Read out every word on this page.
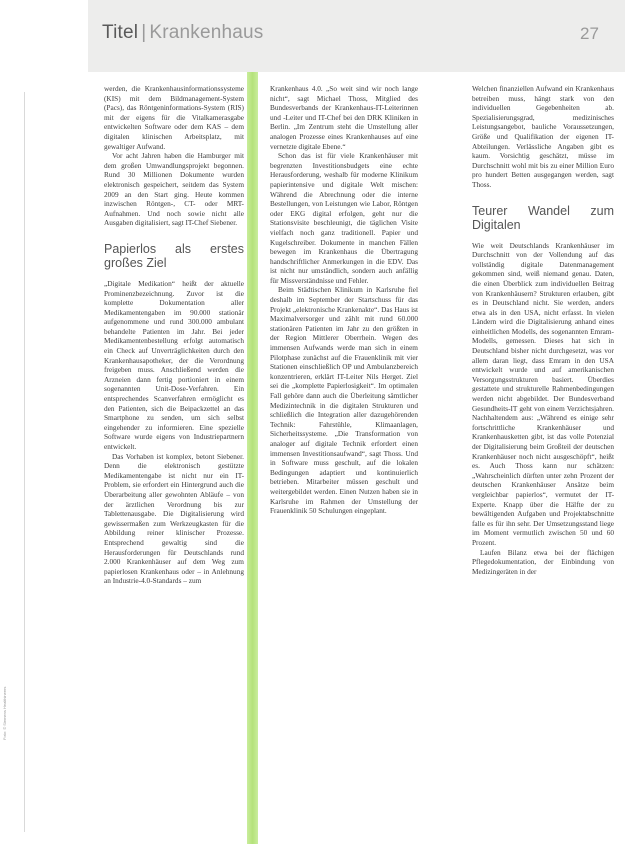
Titel | Krankenhaus	27
Foto: © Siemens Healthineers

werden, die Krankenhausinformationssysteme (KIS) mit dem Bildmanagement-System (Pacs), das Röntgeninformations-System (RIS) mit der eigens für die Vitalkamerasgabe entwickelten Software oder dem KAS – dem digitalen klinischen Arbeitsplatz, mit gewaltiger Aufwand.

Vor acht Jahren haben die Hamburger mit dem großen Umwandlungsprojekt begonnen. Rund 30 Millionen Dokumente wurden elektronisch gespeichert, seitdem das System 2009 an den Start ging. Heute kommen inzwischen Röntgen-, CT- oder MRT-Aufnahmen. Und noch sowie nicht alle Ausgaben digitalisiert, sagt IT-Chef Siebener.

Papierlos als erstes großes Ziel

„Digitale Medikation“ heißt der aktuelle Prominenzbezeichnung. Zuvor ist die komplette Dokumentation aller Medikamentengaben im 90.000 stationär aufgenommene und rund 300.000 ambulant behandelte Patienten im Jahr. Bei jeder Medikamentenbestellung erfolgt automatisch ein Check auf Unverträglichkeiten durch den Krankenhausapotheker, der die Verordnung freigeben muss. Anschließend werden die Arzneien dann fertig portioniert in einem sogenannten Unit-Dose-Verfahren. Ein entsprechendes Scanverfahren ermöglicht es den Patienten, sich die Beipackzettel an das Smartphone zu senden, um sich selbst eingehender zu informieren. Eine spezielle Software wurde eigens von Industriepartnern entwickelt.

Das Vorhaben ist komplex, betont Siebener. Denn die elektronisch gestützte Medikamentengabe ist nicht nur ein IT-Problem, sie erfordert ein Hintergrund auch die Überarbeitung aller gewohnten Abläufe – von der ärztlichen Verordnung bis zur Tablettenausgabe. Die Digitalisierung wird gewissermaßen zum Werkzeugkasten für die Abbildung reiner klinischer Prozesse. Entsprechend gewaltig sind die Herausforderungen für Deutschlands rund 2.000 Krankenhäuser auf dem Weg zum papierlosen Krankenhaus oder – in Anlehnung an Industrie-4.0-Standards – zum

Krankenhaus 4.0. „So weit sind wir noch lange nicht“, sagt Michael Thoss, Mitglied des Bundesverbands der Krankenhaus-IT-Leiterinnen und -Leiter und IT-Chef bei den DRK Kliniken in Berlin. „Im Zentrum steht die Umstellung aller analogen Prozesse eines Krankenhauses auf eine vernetzte digitale Ebene.“

Schon das ist für viele Krankenhäuser mit begrenzten Investitionsbudgets eine echte Herausforderung, weshalb für moderne Klinikum papierintensive und digitale Welt mischen: Während die Abrechnung oder die interne Bestellungen, von Leistungen wie Labor, Röntgen oder EKG digital erfolgen, geht nur die Stationsvisite beschleunigt, die täglichen Visite vielfach noch ganz traditionell. Papier und Kugelschreiber. Dokumente in manchen Fällen bewegen im Krankenhaus die Übertragung handschriftlicher Anmerkungen in die EDV. Das ist nicht nur umständlich, sondern auch anfällig für Missverständnisse und Fehler.

Beim Städtischen Klinikum in Karlsruhe fiel deshalb im September der Startschuss für das Projekt „elektronische Krankenakte“. Das Haus ist Maximalversorger und zählt mit rund 60.000 stationären Patienten im Jahr zu den größten in der Region Mittlerer Oberrhein. Wegen des immensen Aufwands werde man sich in einem Pilotphase zunächst auf die Frauenklinik mit vier Stationen einschließlich OP und Ambulanzbereich konzentrieren, erklärt IT-Leiter Nils Herget. Ziel sei die „komplette Papierlosigkeit“. Im optimalen Fall gehöre dann auch die Überleitung sämtlicher Medizintechnik in die digitalen Strukturen und schließlich die Integration aller dazugehörenden Technik: Fahrstühle, Klimaanlagen, Sicherheitssysteme. „Die Transformation von analoger auf digitale Technik erfordert einen immensen Investitionsaufwand“, sagt Thoss. Und in Software muss geschult, auf die lokalen Bedingungen adaptiert und kontinuierlich betrieben. Mitarbeiter müssen geschult und weitergebildet werden. Einen Nutzen haben sie in Karlsruhe im Rahmen der Umstellung der Frauenklinik 50 Schulungen eingeplant.

Welchen finanziellen Aufwand ein Krankenhaus betreiben muss, hängt stark von den individuellen Gegebenheiten ab. Spezialisierungsgrad, medizinisches Leistungsangebot, bauliche Voraussetzungen, Größe und Qualifikation der eigenen IT-Abteilungen. Verlässliche Angaben gibt es kaum. Vorsichtig geschätzt, müsse im Durchschnitt wohl mit bis zu einer Million Euro pro hundert Betten ausgegangen werden, sagt Thoss.

Teurer Wandel zum Digitalen

Wie weit Deutschlands Krankenhäuser im Durchschnitt von der Vollendung auf das vollständig digitale Datenmanagement gekommen sind, weiß niemand genau. Daten, die einen Überblick zum individuellen Beitrag von Krankenhäusern? Strukturen erlauben, gibt es in Deutschland nicht. Sie werden, anders etwa als in den USA, nicht erfasst. In vielen Ländern wird die Digitalisierung anhand eines einheitlichen Modells, des sogenannten Emram-Modells, gemessen. Dieses hat sich in Deutschland bisher nicht durchgesetzt, was vor allem daran liegt, dass Emram in den USA entwickelt wurde und auf amerikanischen Versorgungsstrukturen basiert. Überdies gestattete und strukturelle Rahmenbedingungen werden nicht abgebildet. Der Bundesverband Gesundheits-IT geht von einem Verzichtsjahren. Nachhaltendem aus: „Während es einige sehr fortschrittliche Krankenhäuser und Krankenhausketten gibt, ist das volle Potenzial der Digitalisierung beim Großteil der deutschen Krankenhäuser noch nicht ausgeschöpft“, heißt es. Auch Thoss kann nur schätzen: „Wahrscheinlich dürften unter zehn Prozent der deutschen Krankenhäuser Ansätze beim vergleichbar papierlos“, vermutet der IT-Experte. Knapp über die Hälfte der zu bewältigenden Aufgaben und Projektabschnitte falle es für ihn sehr. Der Umsetzungsstand liege im Moment vermutlich zwischen 50 und 60 Prozent.

Laufen Bilanz etwa bei der flächigen Pflegedokumentation, der Einbindung von Medizingeräten in der
